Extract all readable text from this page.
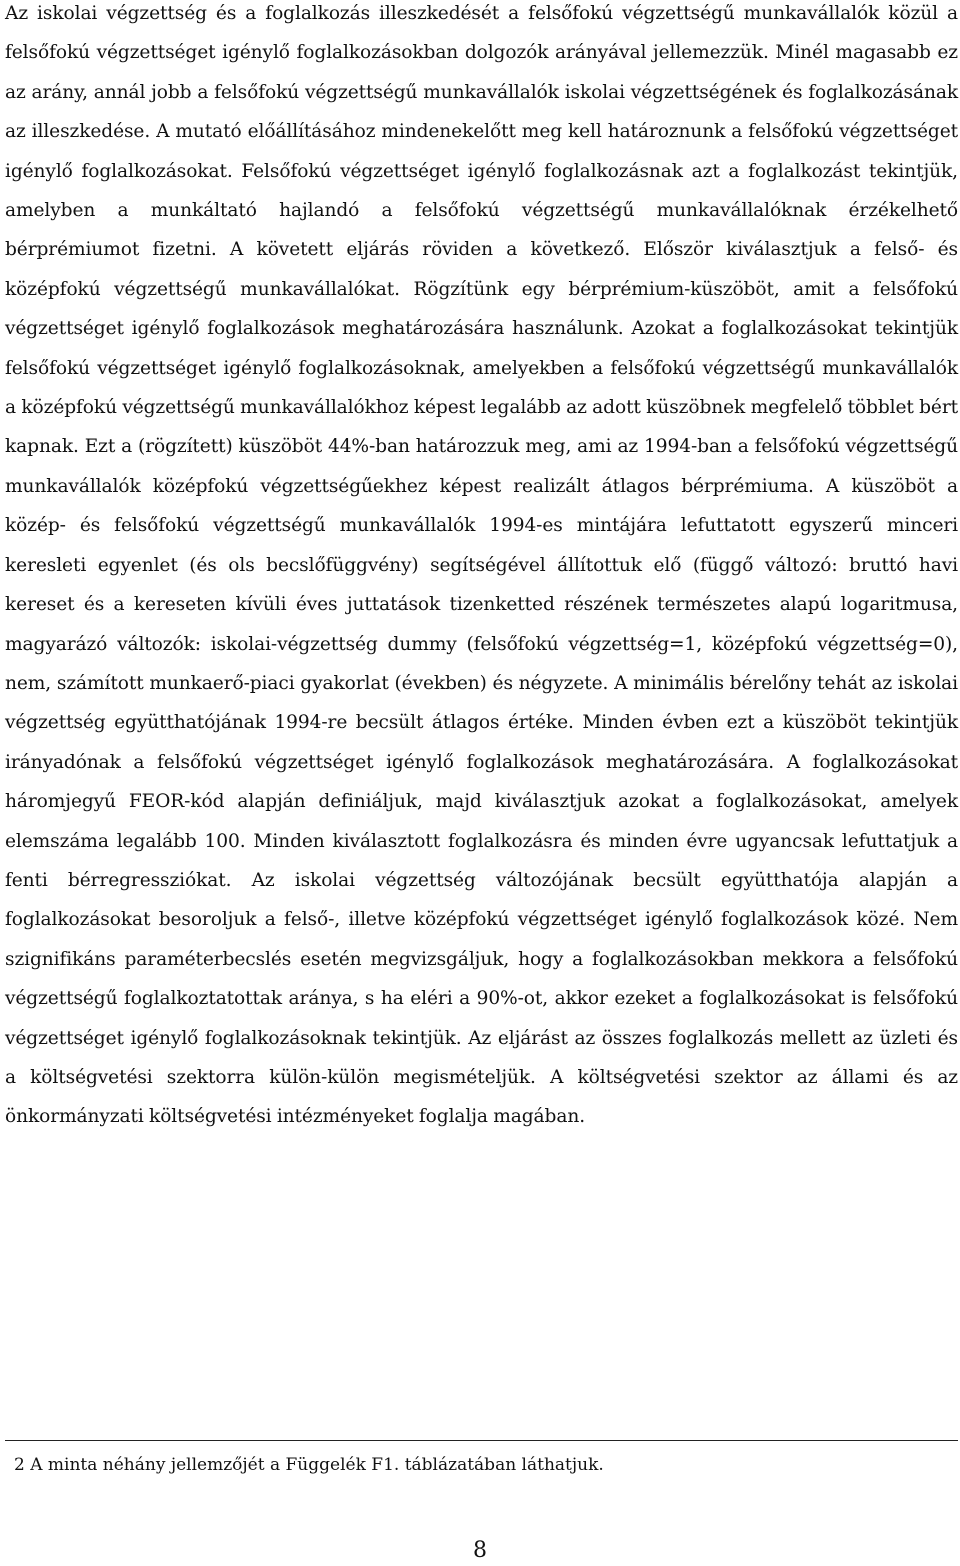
Az iskolai végzettség és a foglalkozás illeszkedését a felsőfokú végzettségű munkavállalók közül a felsőfokú végzettséget igénylő foglalkozásokban dolgozók arányával jellemezzük. Minél magasabb ez az arány, annál jobb a felsőfokú végzettségű munkavállalók iskolai végzettségének és foglalkozásának az illeszkedése. A mutató előállításához mindenekelőtt meg kell határoznunk a felsőfokú végzettséget igénylő foglalkozásokat. Felsőfokú végzettséget igénylő foglalkozásnak azt a foglalkozást tekintjük, amelyben a munkáltató hajlandó a felsőfokú végzettségű munkavállalóknak érzékelhető bérprémiumot fizetni. A követett eljárás röviden a következő. Először kiválasztjuk a felső- és középfokú végzettségű munkavállalókat. Rögzítünk egy bérprémium-küszöböt, amit a felsőfokú végzettséget igénylő foglalkozások meghatározására használunk. Azokat a foglalkozásokat tekintjük felsőfokú végzettséget igénylő foglalkozásoknak, amelyekben a felsőfokú végzettségű munkavállalók a középfokú végzettségű munkavállalókhoz képest legalább az adott küszöbnek megfelelő többlet bért kapnak. Ezt a (rögzített) küszöböt 44%-ban határozzuk meg, ami az 1994-ban a felsőfokú végzettségű munkavállalók középfokú végzettségűekhez képest realizált átlagos bérprémiuma. A küszöböt a közép- és felsőfokú végzettségű munkavállalók 1994-es mintájára lefuttatott egyszerű minceri keresleti egyenlet (és ols becslőfüggvény) segítségével állítottuk elő (függő változó: bruttó havi kereset és a kereseten kívüli éves juttatások tizenketted részének természetes alapú logaritmusa, magyarázó változók: iskolai-végzettség dummy (felsőfokú végzettség=1, középfokú végzettség=0), nem, számított munkaerő-piaci gyakorlat (években) és négyzete. A minimális bérelőny tehát az iskolai végzettség együtthatójának 1994-re becsült átlagos értéke. Minden évben ezt a küszöböt tekintjük irányadónak a felsőfokú végzettséget igénylő foglalkozások meghatározására. A foglalkozásokat háromjegyű FEOR-kód alapján definiáljuk, majd kiválasztjuk azokat a foglalkozásokat, amelyek elemszáma legalább 100. Minden kiválasztott foglalkozásra és minden évre ugyancsak lefuttatjuk a fenti bérregressziókat. Az iskolai végzettség változójának becsült együtthatója alapján a foglalkozásokat besoroljuk a felső-, illetve középfokú végzettséget igénylő foglalkozások közé. Nem szignifikáns paraméterbecslés esetén megvizsgáljuk, hogy a foglalkozásokban mekkora a felsőfokú végzettségű foglalkoztatottak aránya, s ha eléri a 90%-ot, akkor ezeket a foglalkozásokat is felsőfokú végzettséget igénylő foglalkozásoknak tekintjük. Az eljárást az összes foglalkozás mellett az üzleti és a költségvetési szektorra külön-külön megismételjük. A költségvetési szektor az állami és az önkormányzati költségvetési intézményeket foglalja magában.

2 A minta néhány jellemzőjét a Függelék F1. táblázatában láthatjuk.

8
